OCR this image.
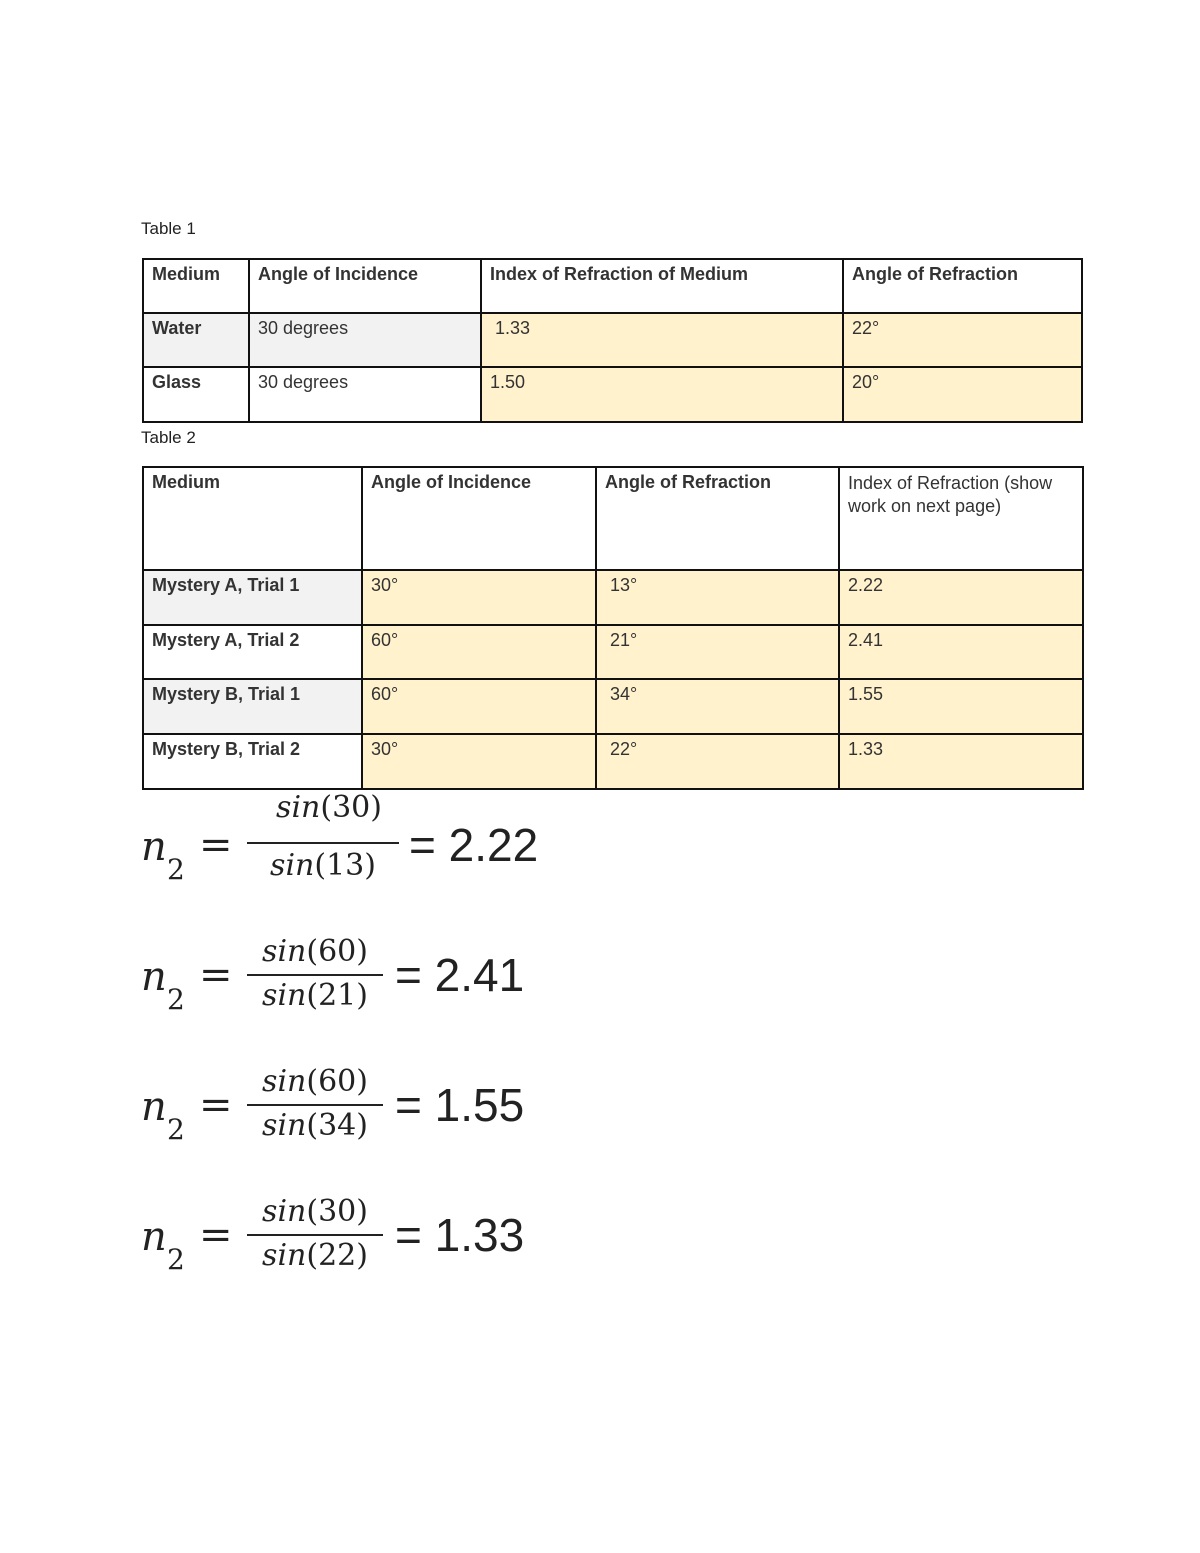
Table 1
Medium	Angle of Incidence	Index of Refraction of Medium	Angle of Refraction
Water	30 degrees	1.33	22°
Glass	30 degrees	1.50	20°
Table 2
Medium	Angle of Incidence	Angle of Refraction	Index of Refraction (show work on next page)
Mystery A, Trial 1	30°	13°	2.22
Mystery A, Trial 2	60°	21°	2.41
Mystery B, Trial 1	60°	34°	1.55
Mystery B, Trial 2	30°	22°	1.33
n 2
=
sin(30)
sin(13) = 2.22
n 2
=
sin(60)
sin(21) = 2.41
n 2
=
sin(60)
sin(34) = 1.55
n 2
=
sin(30)
sin(22) = 1.33
